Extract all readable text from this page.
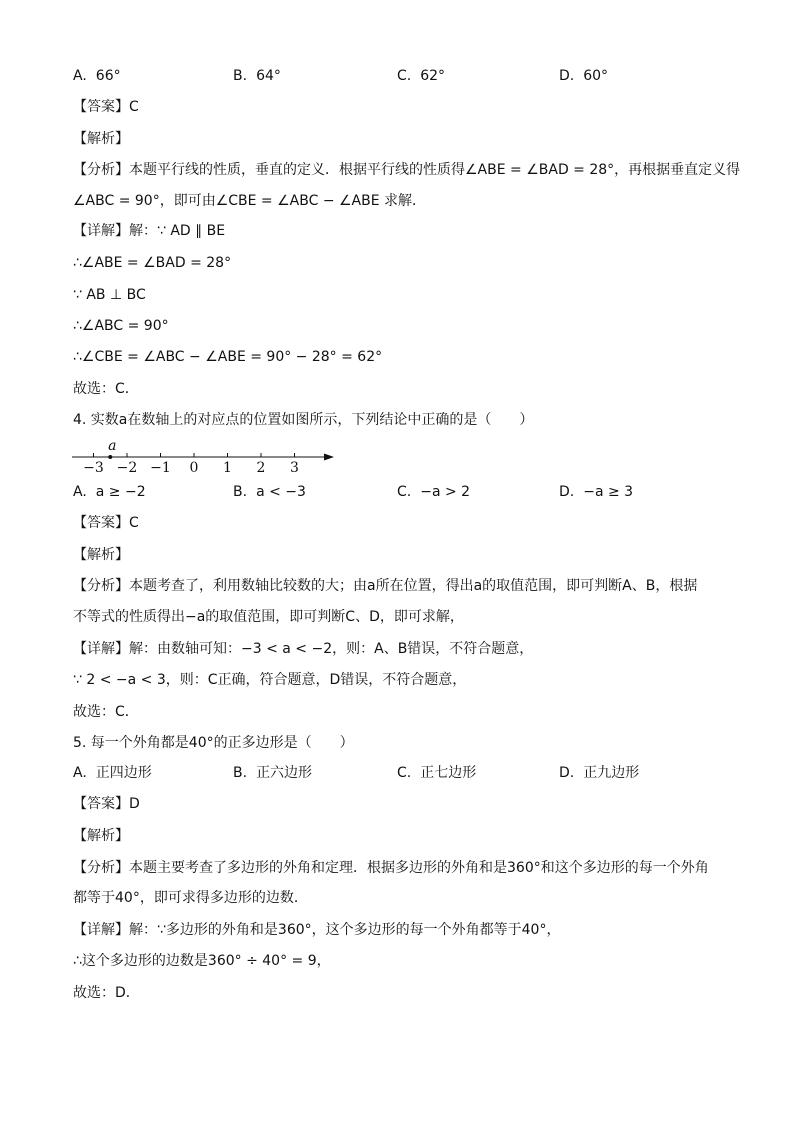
A. 66°	B. 64°	C. 62°	D. 60°
【答案】C
【解析】
【分析】本题平行线的性质，垂直的定义．根据平行线的性质得∠ABE = ∠BAD = 28°，再根据垂直定义得
∠ABC = 90°，即可由∠CBE = ∠ABC − ∠ABE 求解．
【详解】解：∵ AD ∥ BE
∴∠ABE = ∠BAD = 28°
∵ AB ⊥ BC
∴∠ABC = 90°
∴∠CBE = ∠ABC − ∠ABE = 90° − 28° = 62°
故选：C．
4. 实数a在数轴上的对应点的位置如图所示，下列结论中正确的是（　　）
−3 −2 −1 0 1 2 3
a
A. a ≥ −2	B. a < −3	C. −a > 2	D. −a ≥ 3
【答案】C
【解析】
【分析】本题考查了，利用数轴比较数的大；由a所在位置，得出a的取值范围，即可判断A、B，根据
不等式的性质得出−a的取值范围，即可判断C、D，即可求解，
【详解】解：由数轴可知：−3 < a < −2，则：A、B错误，不符合题意，
∵ 2 < −a < 3，则：C正确，符合题意，D错误，不符合题意，
故选：C．
5. 每一个外角都是40°的正多边形是（　　）
A. 正四边形	B. 正六边形	C. 正七边形	D. 正九边形
【答案】D
【解析】
【分析】本题主要考查了多边形的外角和定理．根据多边形的外角和是360°和这个多边形的每一个外角
都等于40°，即可求得多边形的边数．
【详解】解：∵多边形的外角和是360°，这个多边形的每一个外角都等于40°，
∴这个多边形的边数是360° ÷ 40° = 9，
故选：D．
